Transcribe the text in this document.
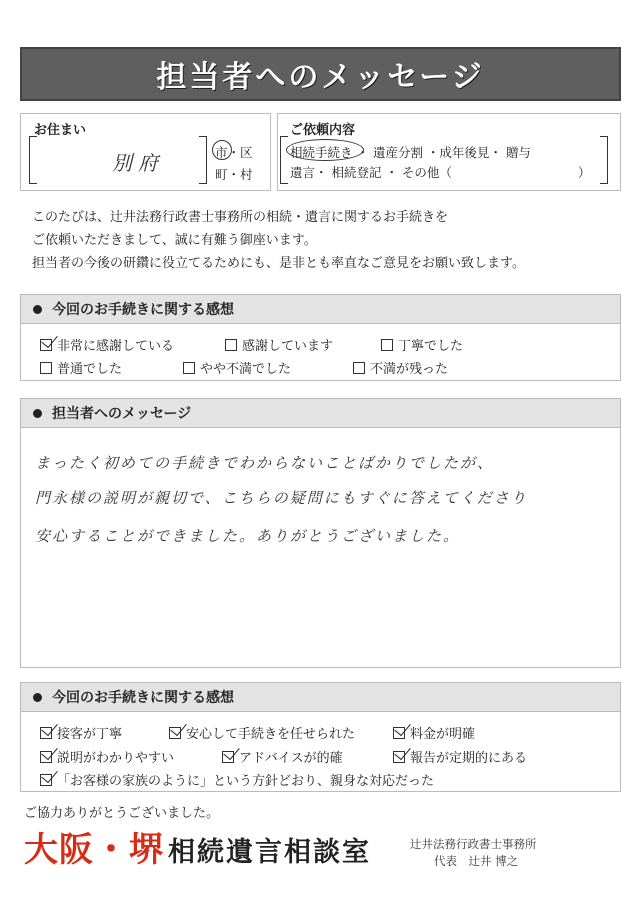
担当者へのメッセージ
お住まい
別府	市・区
町・村
ご依頼内容
相続手続き ・ 遺産分割 ・成年後見・ 贈与
遺言・ 相続登記 ・ その他（	）
このたびは、辻井法務行政書士事務所の相続・遺言に関するお手続きを
ご依頼いただきまして、誠に有難う御座います。
担当者の今後の研鑽に役立てるためにも、是非とも率直なご意見をお願い致します。
今回のお手続きに関する感想
非常に感謝している	感謝しています	丁寧でした
普通でした	やや不満でした	不満が残った
担当者へのメッセージ
まったく初めての手続きでわからないことばかりでしたが、
門永様の説明が親切で、こちらの疑問にもすぐに答えてくださり
安心することができました。ありがとうございました。
今回のお手続きに関する感想
接客が丁寧	安心して手続きを任せられた	料金が明確
説明がわかりやすい	アドバイスが的確	報告が定期的にある
「お客様の家族のように」という方針どおり、親身な対応だった
ご協力ありがとうございました。
大阪・堺 相続遺言相談室	辻井法務行政書士事務所
代表　辻井 博之
